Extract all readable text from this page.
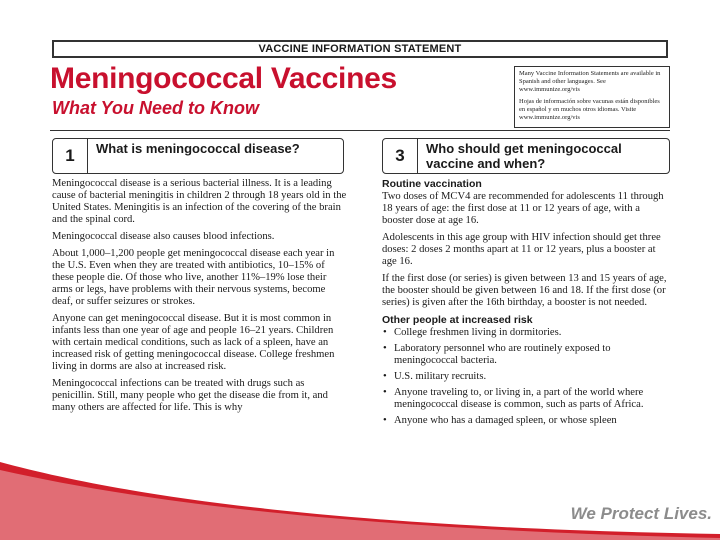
VACCINE INFORMATION STATEMENT
Meningococcal Vaccines
What You Need to Know

Many Vaccine Information Statements are available in Spanish and other languages. See www.immunize.org/vis

Hojas de información sobre vacunas están disponibles en español y en muchos otros idiomas. Visite www.immunize.org/vis

1	What is meningococcal disease?	3	Who should get meningococcal vaccine and when?

Meningococcal disease is a serious bacterial illness. It is a leading cause of bacterial meningitis in children 2 through 18 years old in the United States. Meningitis is an infection of the covering of the brain and the spinal cord.

Meningococcal disease also causes blood infections.

About 1,000–1,200 people get meningococcal disease each year in the U.S. Even when they are treated with antibiotics, 10–15% of these people die. Of those who live, another 11%–19% lose their arms or legs, have problems with their nervous systems, become deaf, or suffer seizures or strokes.

Anyone can get meningococcal disease. But it is most common in infants less than one year of age and people 16–21 years. Children with certain medical conditions, such as lack of a spleen, have an increased risk of getting meningococcal disease. College freshmen living in dorms are also at increased risk.

Meningococcal infections can be treated with drugs such as penicillin. Still, many people who get the disease die from it, and many others are affected for life. This is why

Routine vaccination

Two doses of MCV4 are recommended for adolescents 11 through 18 years of age: the first dose at 11 or 12 years of age, with a booster dose at age 16.

Adolescents in this age group with HIV infection should get three doses: 2 doses 2 months apart at 11 or 12 years, plus a booster at age 16.

If the first dose (or series) is given between 13 and 15 years of age, the booster should be given between 16 and 18. If the first dose (or series) is given after the 16th birthday, a booster is not needed.

Other people at increased risk
• College freshmen living in dormitories.
• Laboratory personnel who are routinely exposed to meningococcal bacteria.
• U.S. military recruits.
• Anyone traveling to, or living in, a part of the world where meningococcal disease is common, such as parts of Africa.
• Anyone who has a damaged spleen, or whose spleen
We Protect Lives.
